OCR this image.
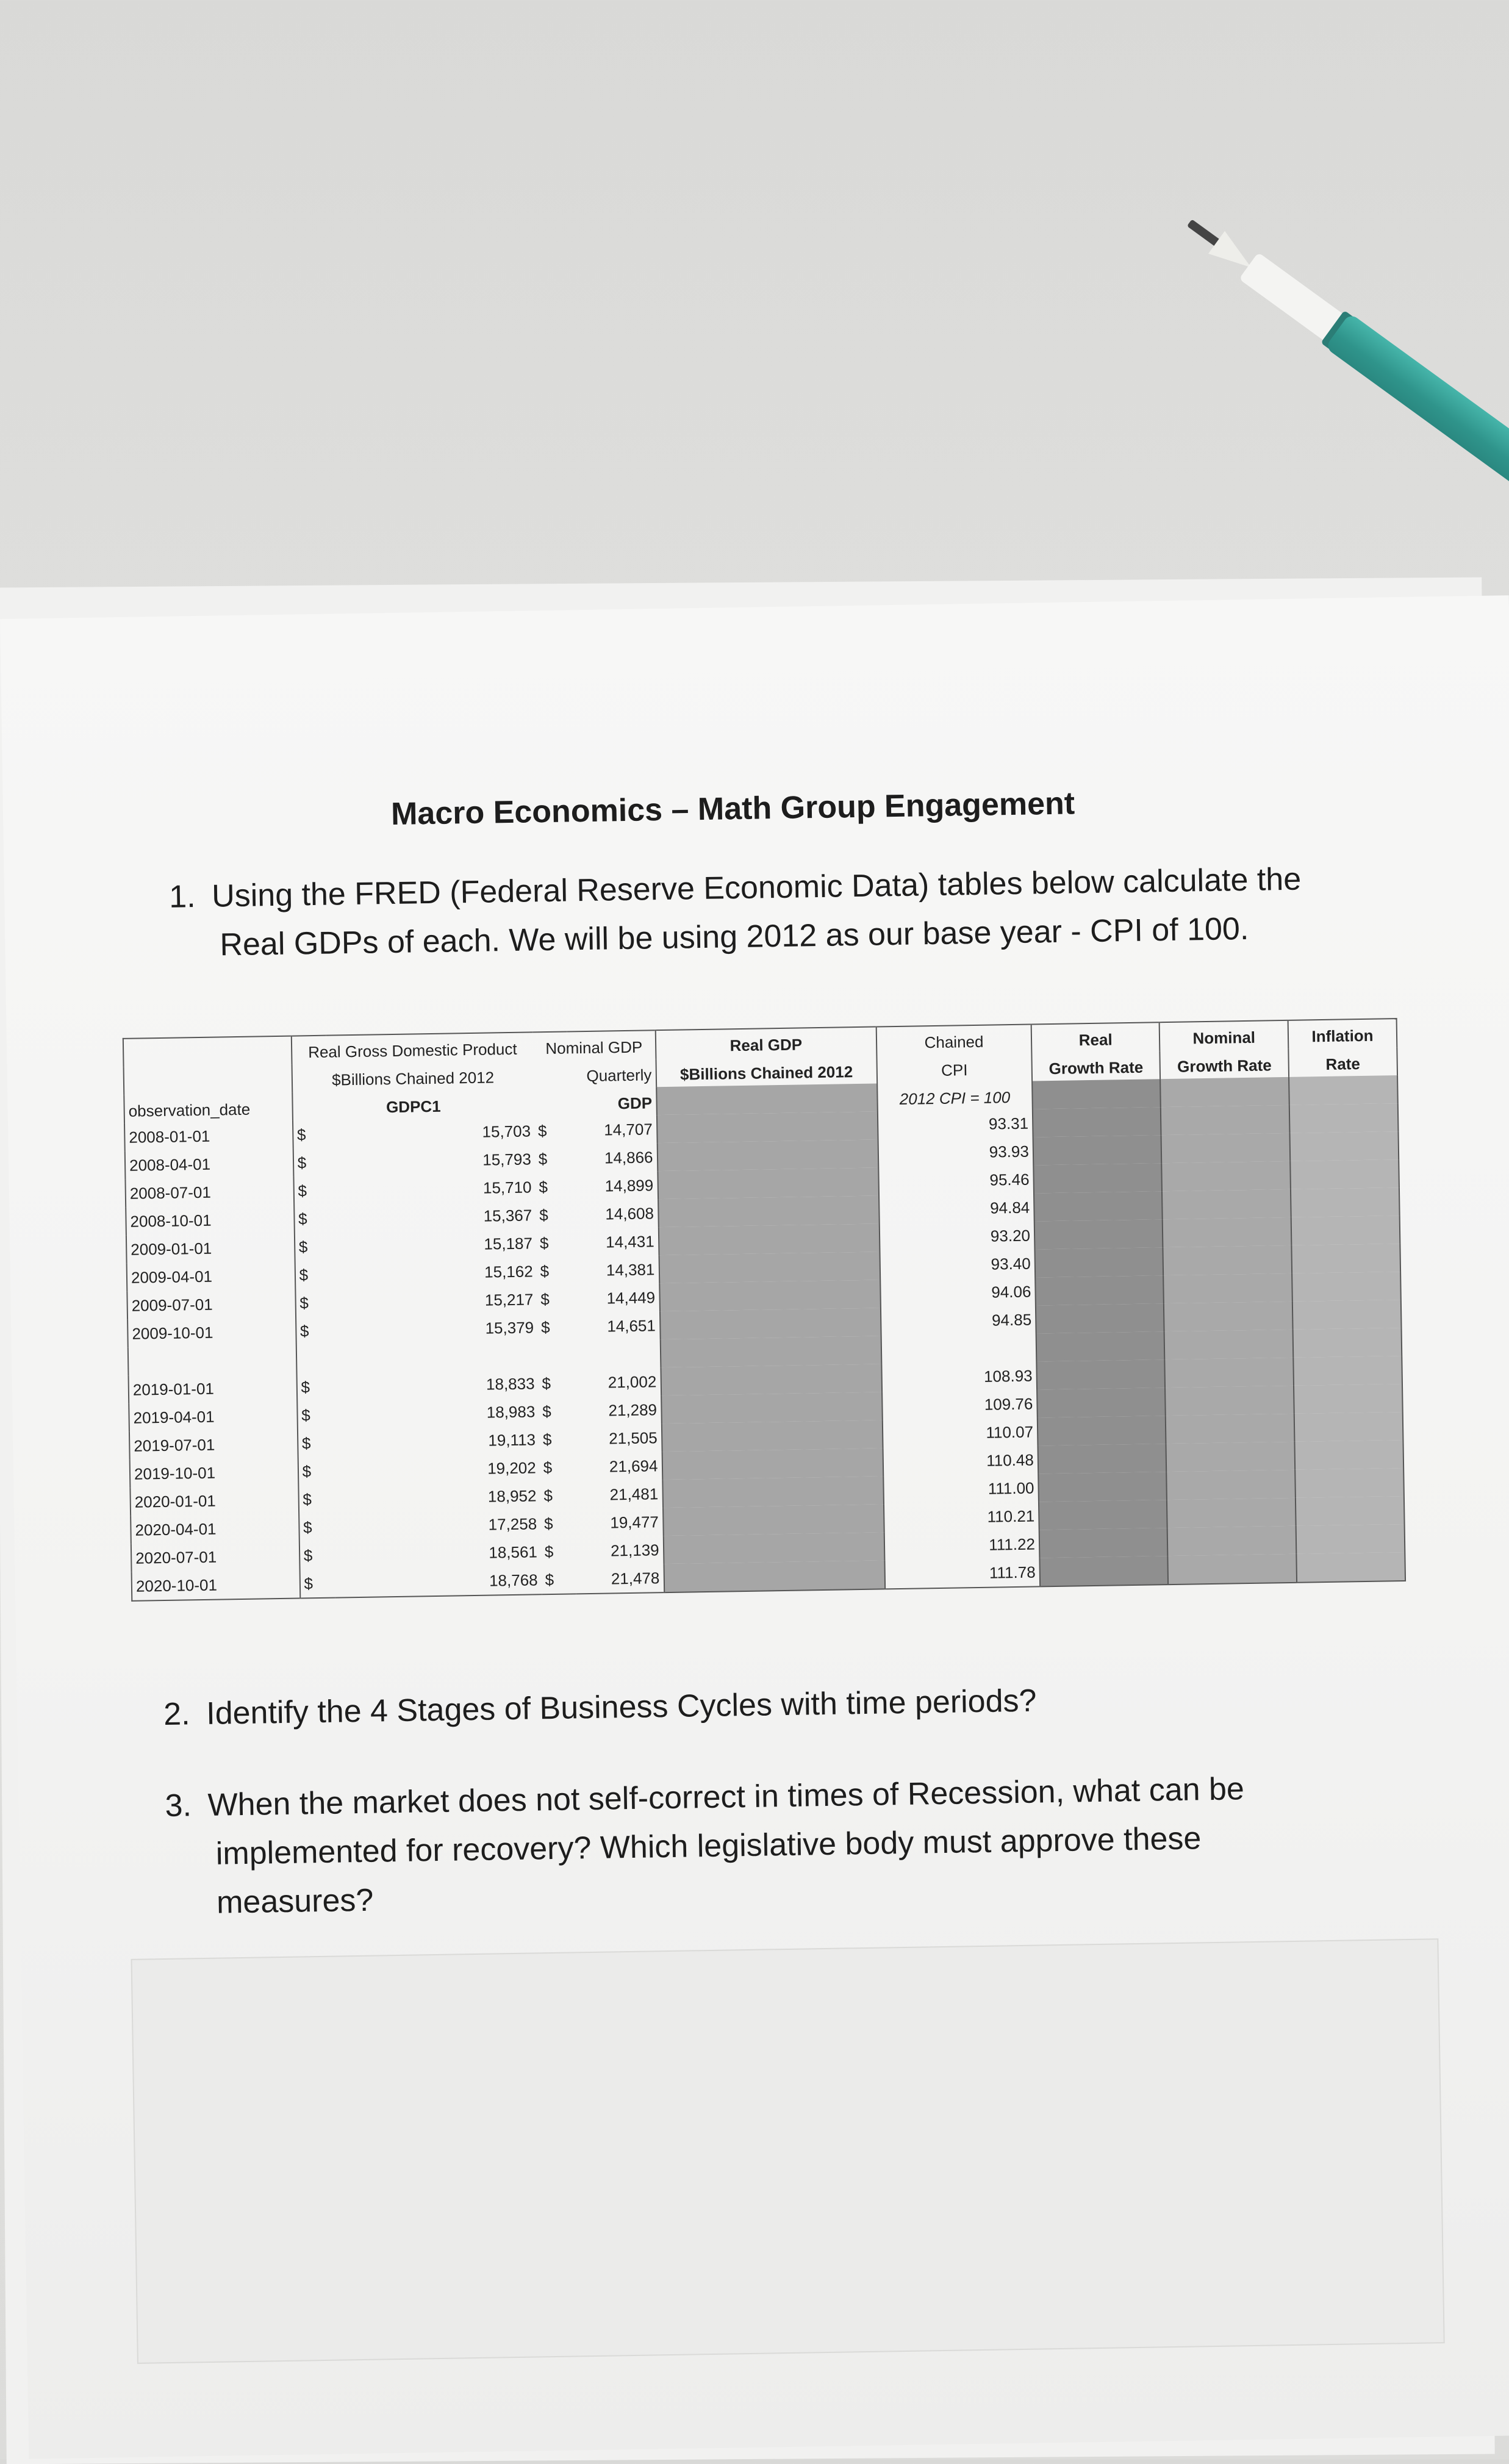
Macro Economics – Math Group Engagement
1. Using the FRED (Federal Reserve Economic Data) tables below calculate the
Real GDPs of each. We will be using 2012 as our base year - CPI of 100.
	Real Gross Domestic Product		Nominal GDP		Real GDP	Chained	Real	Nominal	Inflation
	$Billions Chained 2012		Quarterly		$Billions Chained 2012	CPI	Growth Rate	Growth Rate	Rate
observation_date	GDPC1		GDP			2012 CPI = 100			
2008-01-01	$	15,703	$	14,707		93.31			
2008-04-01	$	15,793	$	14,866		93.93			
2008-07-01	$	15,710	$	14,899		95.46			
2008-10-01	$	15,367	$	14,608		94.84			
2009-01-01	$	15,187	$	14,431		93.20			
2009-04-01	$	15,162	$	14,381		93.40			
2009-07-01	$	15,217	$	14,449		94.06			
2009-10-01	$	15,379	$	14,651		94.85			

2019-01-01	$	18,833	$	21,002		108.93			
2019-04-01	$	18,983	$	21,289		109.76			
2019-07-01	$	19,113	$	21,505		110.07			
2019-10-01	$	19,202	$	21,694		110.48			
2020-01-01	$	18,952	$	21,481		111.00			
2020-04-01	$	17,258	$	19,477		110.21			
2020-07-01	$	18,561	$	21,139		111.22			
2020-10-01	$	18,768	$	21,478		111.78			
2. Identify the 4 Stages of Business Cycles with time periods?
3. When the market does not self-correct in times of Recession, what can be
implemented for recovery? Which legislative body must approve these
measures?
